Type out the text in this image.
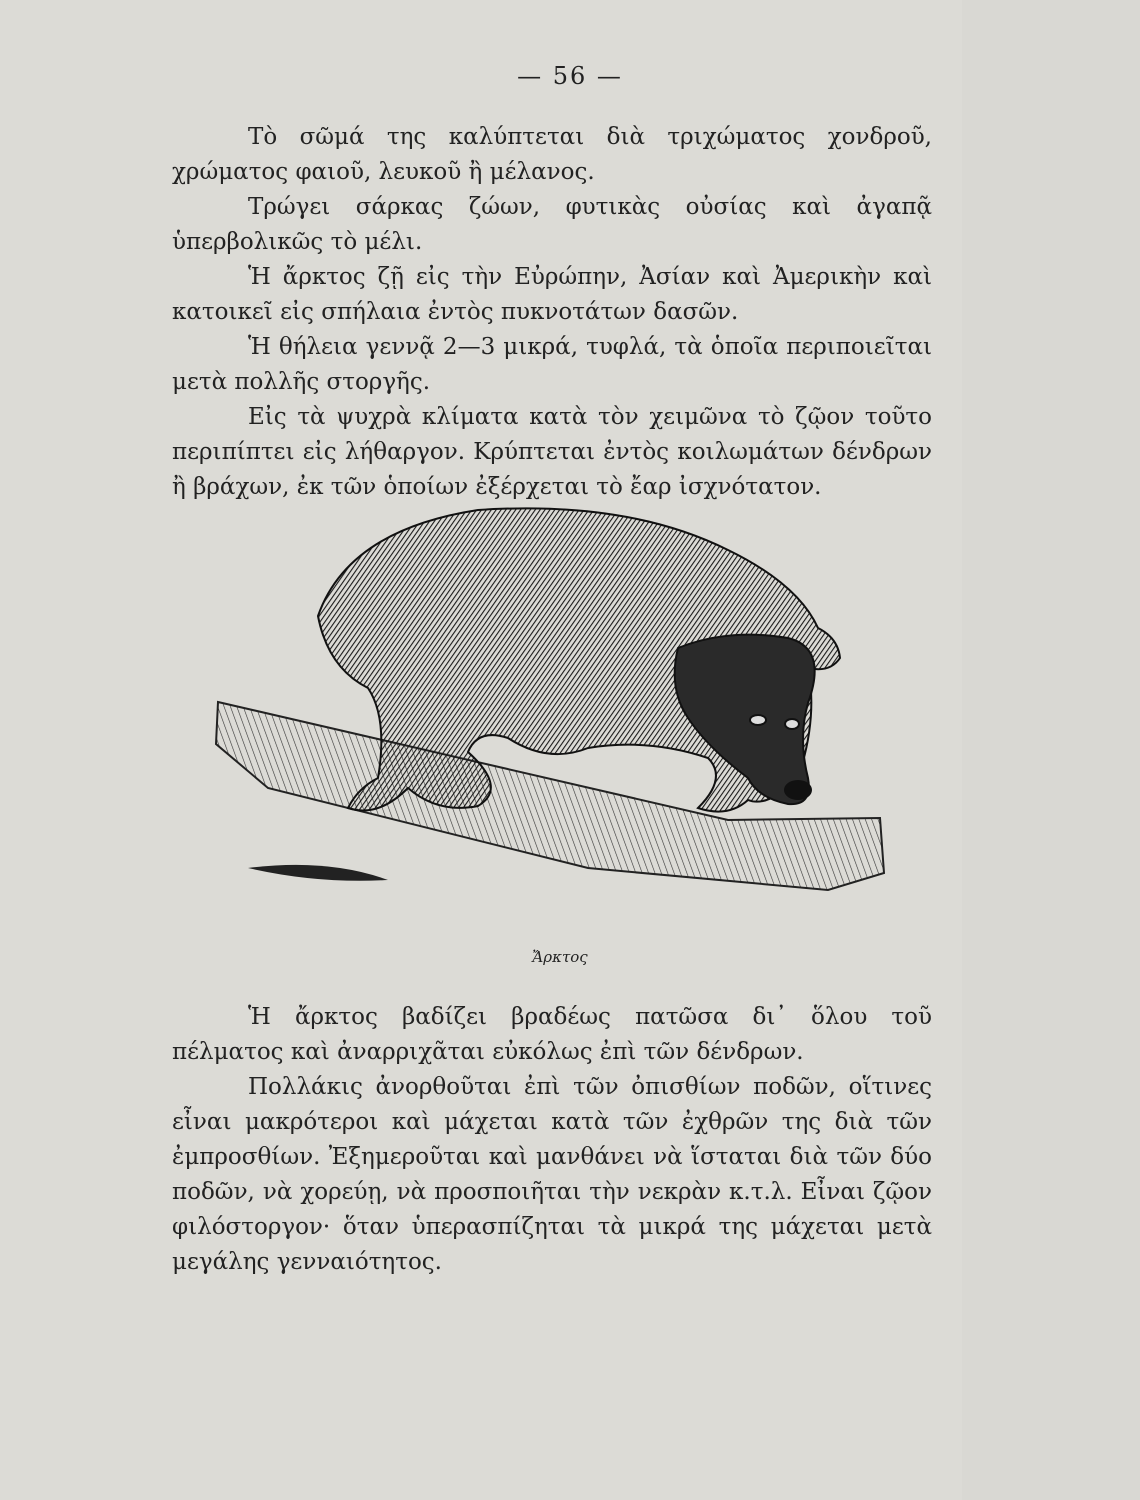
— 56 —

Τὸ σῶμά της καλύπτεται διὰ τριχώματος χονδροῦ, χρώματος φαιοῦ, λευκοῦ ἢ μέλανος.

Τρώγει σάρκας ζώων, φυτικὰς οὐσίας καὶ ἀγαπᾷ ὑπερβολικῶς τὸ μέλι.

Ἡ ἄρκτος ζῇ εἰς τὴν Εὐρώπην, Ἀσίαν καὶ Ἀμερικὴν καὶ κατοικεῖ εἰς σπήλαια ἐντὸς πυκνοτάτων δασῶν.

Ἡ θήλεια γεννᾷ 2—3 μικρά, τυφλά, τὰ ὁποῖα περιποιεῖται μετὰ πολλῆς στοργῆς.

Εἰς τὰ ψυχρὰ κλίματα κατὰ τὸν χειμῶνα τὸ ζῷον τοῦτο περιπίπτει εἰς λήθαργον. Κρύπτεται ἐντὸς κοιλωμάτων δένδρων ἢ βράχων, ἐκ τῶν ὁποίων ἐξέρχεται τὸ ἔαρ ἰσχνότατον.

Ἄρκτος

Ἡ ἄρκτος βαδίζει βραδέως πατῶσα δι᾽ ὅλου τοῦ πέλματος καὶ ἀναρριχᾶται εὐκόλως ἐπὶ τῶν δένδρων.

Πολλάκις ἀνορθοῦται ἐπὶ τῶν ὀπισθίων ποδῶν, οἵτινες εἶναι μακρότεροι καὶ μάχεται κατὰ τῶν ἐχθρῶν της διὰ τῶν ἐμπροσθίων. Ἐξημεροῦται καὶ μανθάνει νὰ ἵσταται διὰ τῶν δύο ποδῶν, νὰ χορεύῃ, νὰ προσποιῆται τὴν νεκρὰν κ.τ.λ. Εἶναι ζῷον φιλόστοργον· ὅταν ὑπερασπίζηται τὰ μικρά της μάχεται μετὰ μεγάλης γενναιότητος.
